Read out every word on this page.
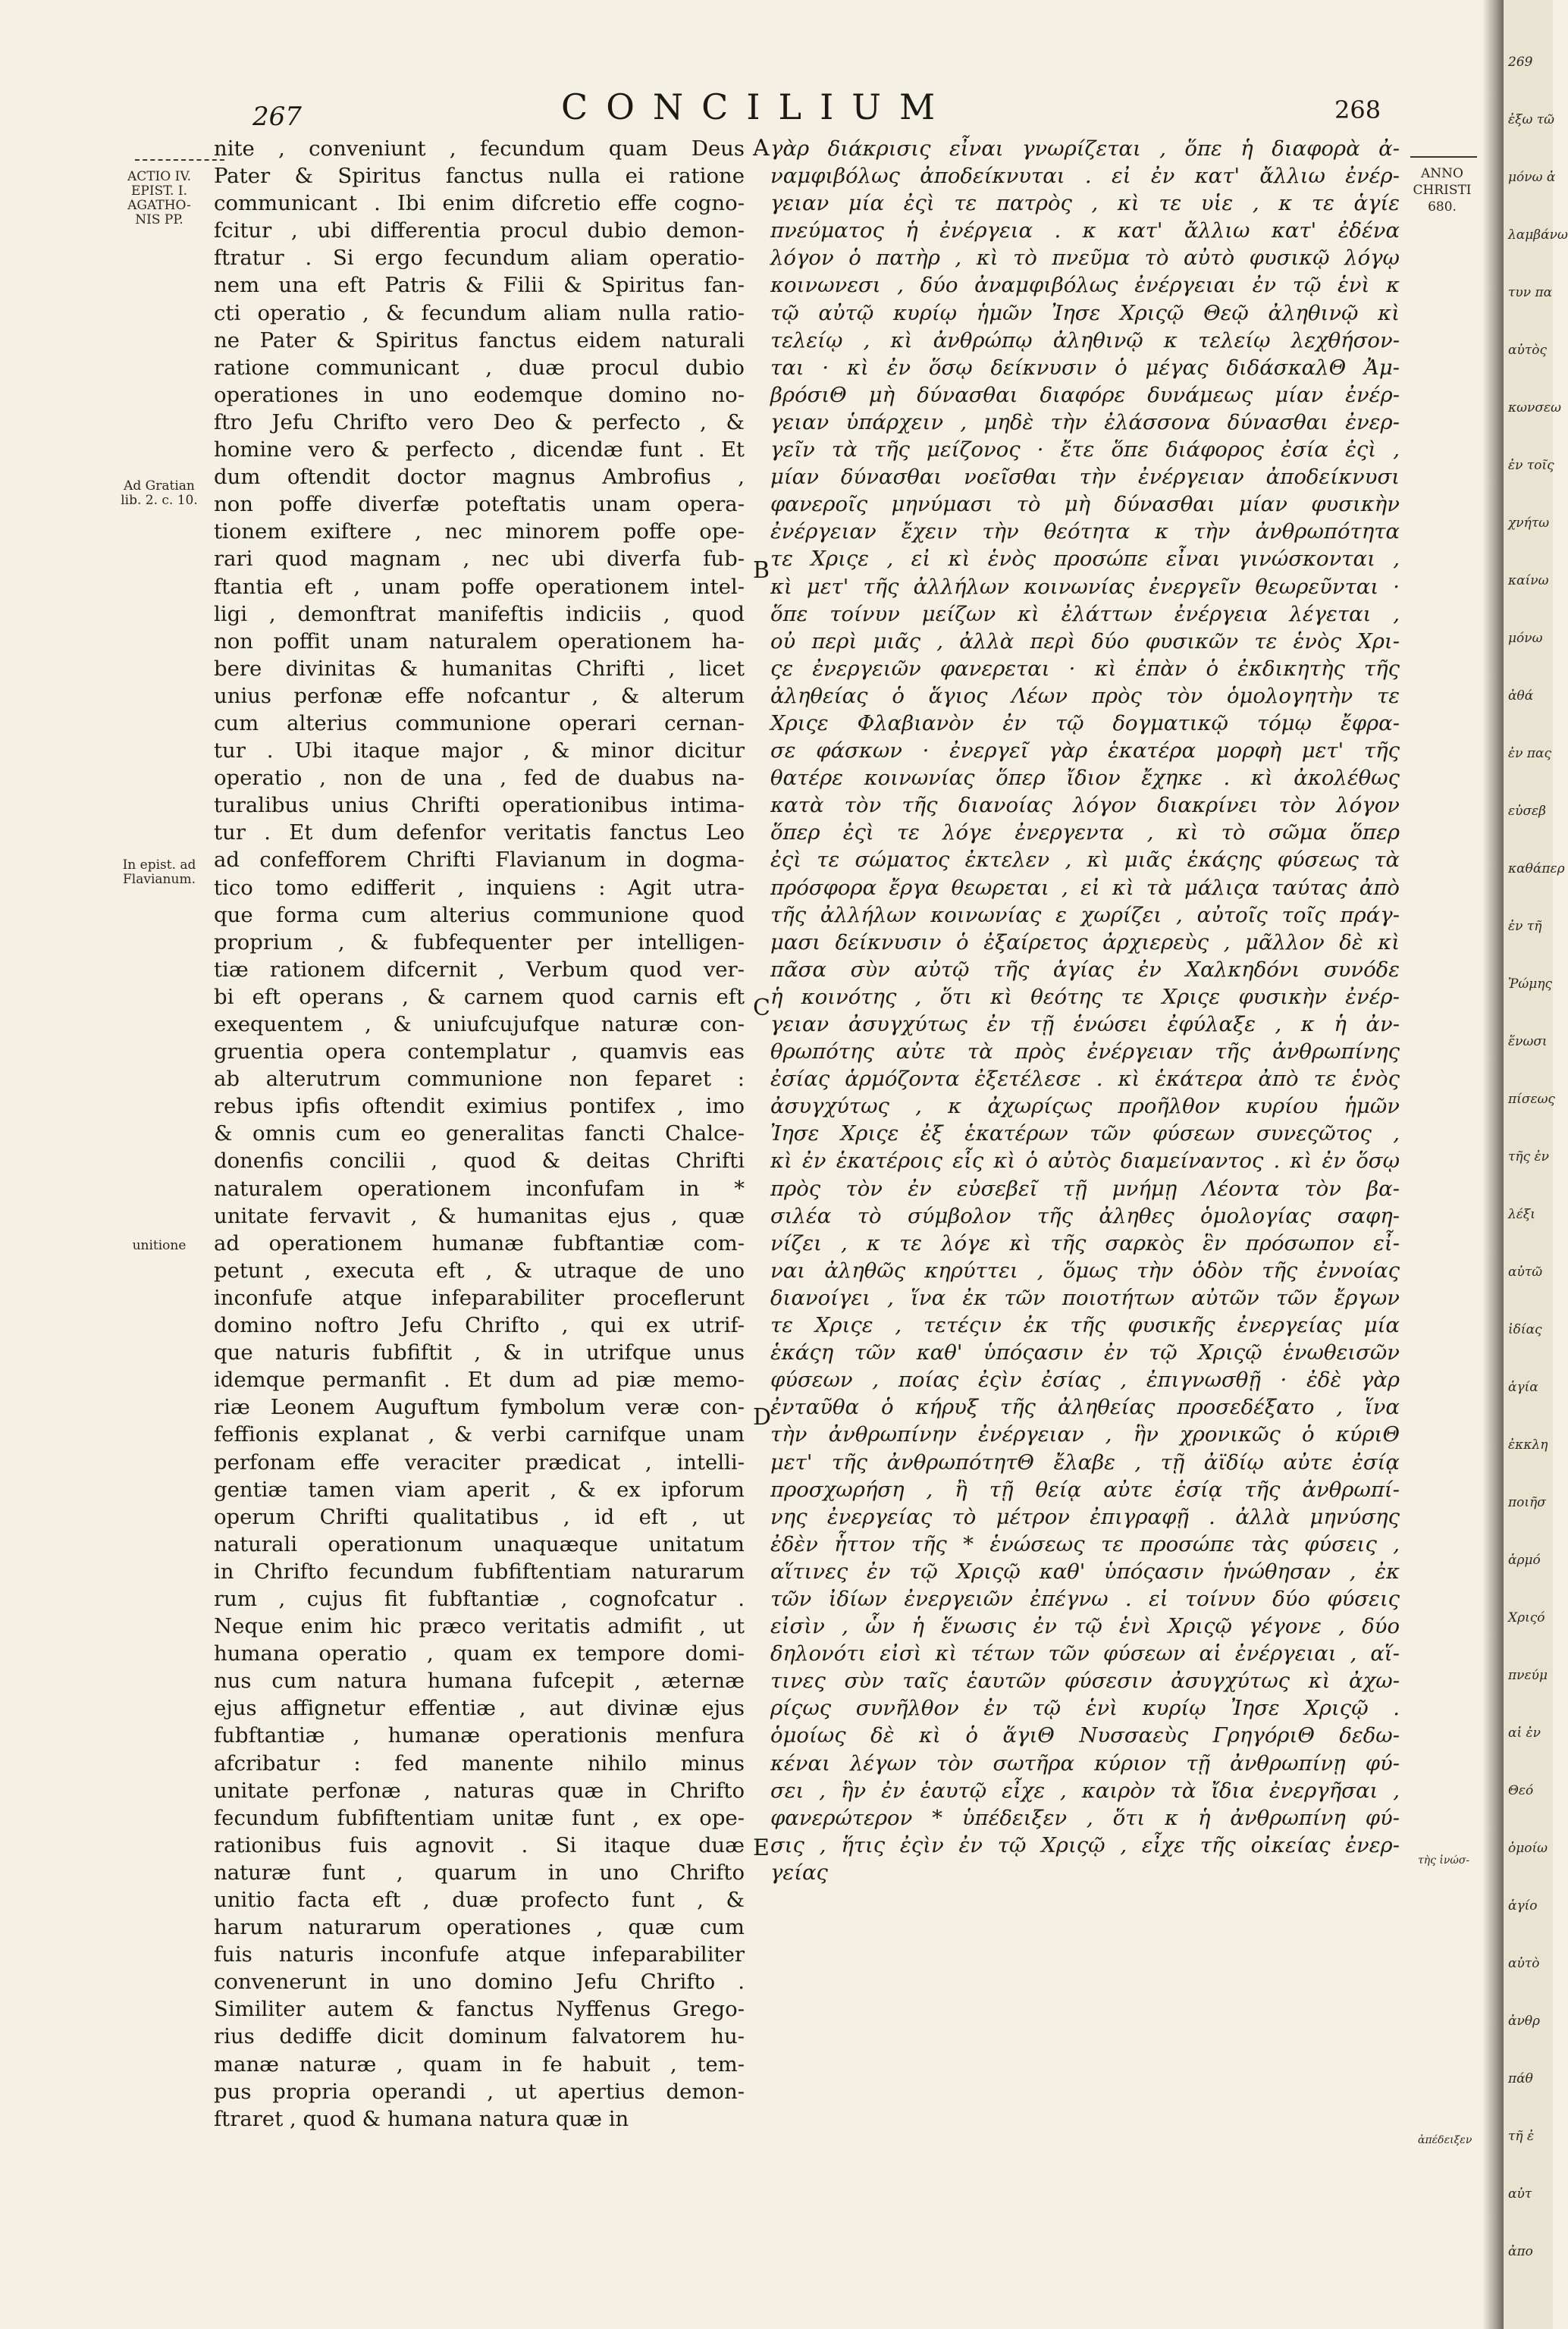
267	CONCILIUM	268
ACTIO IV.
EPIST. I.
AGATHO-
NIS PP.
Ad Gratian
lib. 2. c. 10.
In epist. ad
Flavianum.
unitione
ANNO
CHRISTI
680.
τὴς ἰνώσ-
ἀπέδειξεν
A
B
C
D
E
nite , conveniunt , fecundum quam Deus
Pater & Spiritus fanctus nulla ei ratione
communicant . Ibi enim difcretio effe cogno-
fcitur , ubi differentia procul dubio demon-
ftratur . Si ergo fecundum aliam operatio-
nem una eft Patris & Filii & Spiritus fan-
cti operatio , & fecundum aliam nulla ratio-
ne Pater & Spiritus fanctus eidem naturali
ratione communicant , duæ procul dubio
operationes in uno eodemque domino no-
ftro Jefu Chrifto vero Deo & perfecto , &
homine vero & perfecto , dicendæ funt . Et
dum oftendit doctor magnus Ambrofius ,
non poffe diverfæ poteftatis unam opera-
tionem exiftere , nec minorem poffe ope-
rari quod magnam , nec ubi diverfa fub-
ftantia eft , unam poffe operationem intel-
ligi , demonftrat manifeftis indiciis , quod
non poffit unam naturalem operationem ha-
bere divinitas & humanitas Chrifti , licet
unius perfonæ effe nofcantur , & alterum
cum alterius communione operari cernan-
tur . Ubi itaque major , & minor dicitur
operatio , non de una , fed de duabus na-
turalibus unius Chrifti operationibus intima-
tur . Et dum defenfor veritatis fanctus Leo
ad confefforem Chrifti Flavianum in dogma-
tico tomo edifferit , inquiens : Agit utra-
que forma cum alterius communione quod
proprium , & fubfequenter per intelligen-
tiæ rationem difcernit , Verbum quod ver-
bi eft operans , & carnem quod carnis eft
exequentem , & uniufcujufque naturæ con-
gruentia opera contemplatur , quamvis eas
ab alterutrum communione non feparet :
rebus ipfis oftendit eximius pontifex , imo
& omnis cum eo generalitas fancti Chalce-
donenfis concilii , quod & deitas Chrifti
naturalem operationem inconfufam in *
unitate fervavit , & humanitas ejus , quæ
ad operationem humanæ fubftantiæ com-
petunt , executa eft , & utraque de uno
inconfufe atque infeparabiliter proceflerunt
domino noftro Jefu Chrifto , qui ex utrif-
que naturis fubfiftit , & in utrifque unus
idemque permanfit . Et dum ad piæ memo-
riæ Leonem Auguftum fymbolum veræ con-
feffionis explanat , & verbi carnifque unam
perfonam effe veraciter prædicat , intelli-
gentiæ tamen viam aperit , & ex ipforum
operum Chrifti qualitatibus , id eft , ut
naturali operationum unaquæque unitatum
in Chrifto fecundum fubfiftentiam naturarum
rum , cujus fit fubftantiæ , cognofcatur .
Neque enim hic præco veritatis admifit , ut
humana operatio , quam ex tempore domi-
nus cum natura humana fufcepit , æternæ
ejus affignetur effentiæ , aut divinæ ejus
fubftantiæ , humanæ operationis menfura
afcribatur : fed manente nihilo minus
unitate perfonæ , naturas quæ in Chrifto
fecundum fubfiftentiam unitæ funt , ex ope-
rationibus fuis agnovit . Si itaque duæ
naturæ funt , quarum in uno Chrifto
unitio facta eft , duæ profecto funt , &
harum naturarum operationes , quæ cum
fuis naturis inconfufe atque infeparabiliter
convenerunt in uno domino Jefu Chrifto .
Similiter autem & fanctus Nyffenus Grego-
rius dediffe dicit dominum falvatorem hu-
manæ naturæ , quam in fe habuit , tem-
pus propria operandi , ut apertius demon-
ftraret , quod & humana natura quæ in
γὰρ διάκρισις εἶναι γνωρίζεται , ὅπε ἡ διαφορὰ ἀ-
ναμφιβόλως ἀποδείκνυται . εἰ ἐν κατ' ἄλλιω ἐνέρ-
γειαν μία ἐςὶ τε πατρὸς , κὶ τε υἱε , κ τε ἁγίε
πνεύματος ἡ ἐνέργεια . κ κατ' ἄλλιω κατ' ἐδένα
λόγον ὁ πατὴρ , κὶ τὸ πνεῦμα τὸ αὐτὸ φυσικῷ λόγῳ
κοινωνεσι , δύο ἀναμφιβόλως ἐνέργειαι ἐν τῷ ἑνὶ κ
τῷ αὐτῷ κυρίῳ ἡμῶν Ἰησε Χριςῷ Θεῷ ἀληθινῷ κὶ
τελείῳ , κὶ ἀνθρώπῳ ἀληθινῷ κ τελείῳ λεχθήσον-
ται · κὶ ἐν ὅσῳ δείκνυσιν ὁ μέγας διδάσκαλΘ Ἀμ-
βρόσιΘ μὴ δύνασθαι διαφόρε δυνάμεως μίαν ἐνέρ-
γειαν ὑπάρχειν , μηδὲ τὴν ἐλάσσονα δύνασθαι ἐνερ-
γεῖν τὰ τῆς μείζονος · ἔτε ὅπε διάφορος ἐσία ἐςὶ ,
μίαν δύνασθαι νοεῖσθαι τὴν ἐνέργειαν ἀποδείκνυσι
φανεροῖς μηνύμασι τὸ μὴ δύνασθαι μίαν φυσικὴν
ἐνέργειαν ἔχειν τὴν θεότητα κ τὴν ἀνθρωπότητα
τε Χριςε , εἰ κὶ ἑνὸς προσώπε εἶναι γινώσκονται ,
κὶ μετ' τῆς ἀλλήλων κοινωνίας ἐνεργεῖν θεωρεῦνται ·
ὅπε τοίνυν μείζων κὶ ἐλάττων ἐνέργεια λέγεται ,
οὐ περὶ μιᾶς , ἀλλὰ περὶ δύο φυσικῶν τε ἑνὸς Χρι-
ςε ἐνεργειῶν φανερεται · κὶ ἐπὰν ὁ ἐκδικητὴς τῆς
ἀληθείας ὁ ἅγιος Λέων πρὸς τὸν ὁμολογητὴν τε
Χριςε Φλαβιανὸν ἐν τῷ δογματικῷ τόμῳ ἔφρα-
σε φάσκων · ἐνεργεῖ γὰρ ἑκατέρα μορφὴ μετ' τῆς
θατέρε κοινωνίας ὅπερ ἴδιον ἔχηκε . κὶ ἀκολέθως
κατὰ τὸν τῆς διανοίας λόγον διακρίνει τὸν λόγον
ὅπερ ἐςὶ τε λόγε ἐνεργεντα , κὶ τὸ σῶμα ὅπερ
ἐςὶ τε σώματος ἐκτελεν , κὶ μιᾶς ἑκάςης φύσεως τὰ
πρόσφορα ἔργα θεωρεται , εἰ κὶ τὰ μάλιςα ταύτας ἀπὸ
τῆς ἀλλήλων κοινωνίας ε χωρίζει , αὐτοῖς τοῖς πράγ-
μασι δείκνυσιν ὁ ἐξαίρετος ἀρχιερεὺς , μᾶλλον δὲ κὶ
πᾶσα σὺν αὐτῷ τῆς ἁγίας ἐν Χαλκηδόνι συνόδε
ἡ κοινότης , ὅτι κὶ θεότης τε Χριςε φυσικὴν ἐνέρ-
γειαν ἀσυγχύτως ἐν τῇ ἑνώσει ἐφύλαξε , κ ἡ ἀν-
θρωπότης αὐτε τὰ πρὸς ἐνέργειαν τῆς ἀνθρωπίνης
ἐσίας ἁρμόζοντα ἐξετέλεσε . κὶ ἑκάτερα ἀπὸ τε ἑνὸς
ἀσυγχύτως , κ ἀχωρίςως προῆλθον κυρίου ἡμῶν
Ἰησε Χριςε ἐξ ἑκατέρων τῶν φύσεων συνεςῶτος ,
κὶ ἐν ἑκατέροις εἷς κὶ ὁ αὐτὸς διαμείναντος . κὶ ἐν ὅσῳ
πρὸς τὸν ἐν εὐσεβεῖ τῇ μνήμῃ Λέοντα τὸν βα-
σιλέα τὸ σύμβολον τῆς ἀληθες ὁμολογίας σαφη-
νίζει , κ τε λόγε κὶ τῆς σαρκὸς ἓν πρόσωπον εἶ-
ναι ἀληθῶς κηρύττει , ὅμως τὴν ὁδὸν τῆς ἐννοίας
διανοίγει , ἵνα ἐκ τῶν ποιοτήτων αὐτῶν τῶν ἔργων
τε Χριςε , τετέςιν ἐκ τῆς φυσικῆς ἐνεργείας μία
ἑκάςη τῶν καθ' ὑπόςασιν ἐν τῷ Χριςῷ ἑνωθεισῶν
φύσεων , ποίας ἐςὶν ἐσίας , ἐπιγνωσθῇ · ἐδὲ γὰρ
ἐνταῦθα ὁ κήρυξ τῆς ἀληθείας προσεδέξατο , ἵνα
τὴν ἀνθρωπίνην ἐνέργειαν , ἣν χρονικῶς ὁ κύριΘ
μετ' τῆς ἀνθρωπότητΘ ἔλαβε , τῇ ἀϊδίῳ αὐτε ἐσίᾳ
προσχωρήση , ἢ τῇ θείᾳ αὐτε ἐσίᾳ τῆς ἀνθρωπί-
νης ἐνεργείας τὸ μέτρον ἐπιγραφῇ . ἀλλὰ μηνύσης
ἐδὲν ἧττον τῆς * ἑνώσεως τε προσώπε τὰς φύσεις ,
αἵτινες ἐν τῷ Χριςῷ καθ' ὑπόςασιν ἡνώθησαν , ἐκ
τῶν ἰδίων ἐνεργειῶν ἐπέγνω . εἰ τοίνυν δύο φύσεις
εἰσὶν , ὧν ἡ ἕνωσις ἐν τῷ ἑνὶ Χριςῷ γέγονε , δύο
δηλονότι εἰσὶ κὶ τέτων τῶν φύσεων αἱ ἐνέργειαι , αἵ-
τινες σὺν ταῖς ἑαυτῶν φύσεσιν ἀσυγχύτως κὶ ἀχω-
ρίςως συνῆλθον ἐν τῷ ἑνὶ κυρίῳ Ἰησε Χριςῷ .
ὁμοίως δὲ κὶ ὁ ἅγιΘ Νυσσαεὺς ΓρηγόριΘ δεδω-
κέναι λέγων τὸν σωτῆρα κύριον τῇ ἀνθρωπίνῃ φύ-
σει , ἣν ἐν ἑαυτῷ εἶχε , καιρὸν τὰ ἴδια ἐνεργῆσαι ,
φανερώτερον * ὑπέδειξεν , ὅτι κ ἡ ἀνθρωπίνη φύ-
σις , ἥτις ἐςὶν ἐν τῷ Χριςῷ , εἶχε τῆς οἰκείας ἐνερ-
γείας
269
ἐξω τῶ
μόνω ἀ
λαμβάνω
τυν πα
αὐτὸς
κωνσεω
ἐν τοῖς
χνήτω
καίνω
μόνω
ἀθά
ἐν πας
εὐσεβ
καθάπερ
ἐν τῆ
Ῥώμης
ἕνωσι
πίσεως
τῆς ἐν
λέξι
αὐτῶ
ἰδίας
ἁγία
ἐκκλη
ποιῆσ
ἁρμό
Χριςό
πνεύμ
αἱ ἐν
Θεό
ὁμοίω
ἁγίο
αὐτὸ
ἀνθρ
πάθ
τῆ ἐ
αὐτ
ἀπο
